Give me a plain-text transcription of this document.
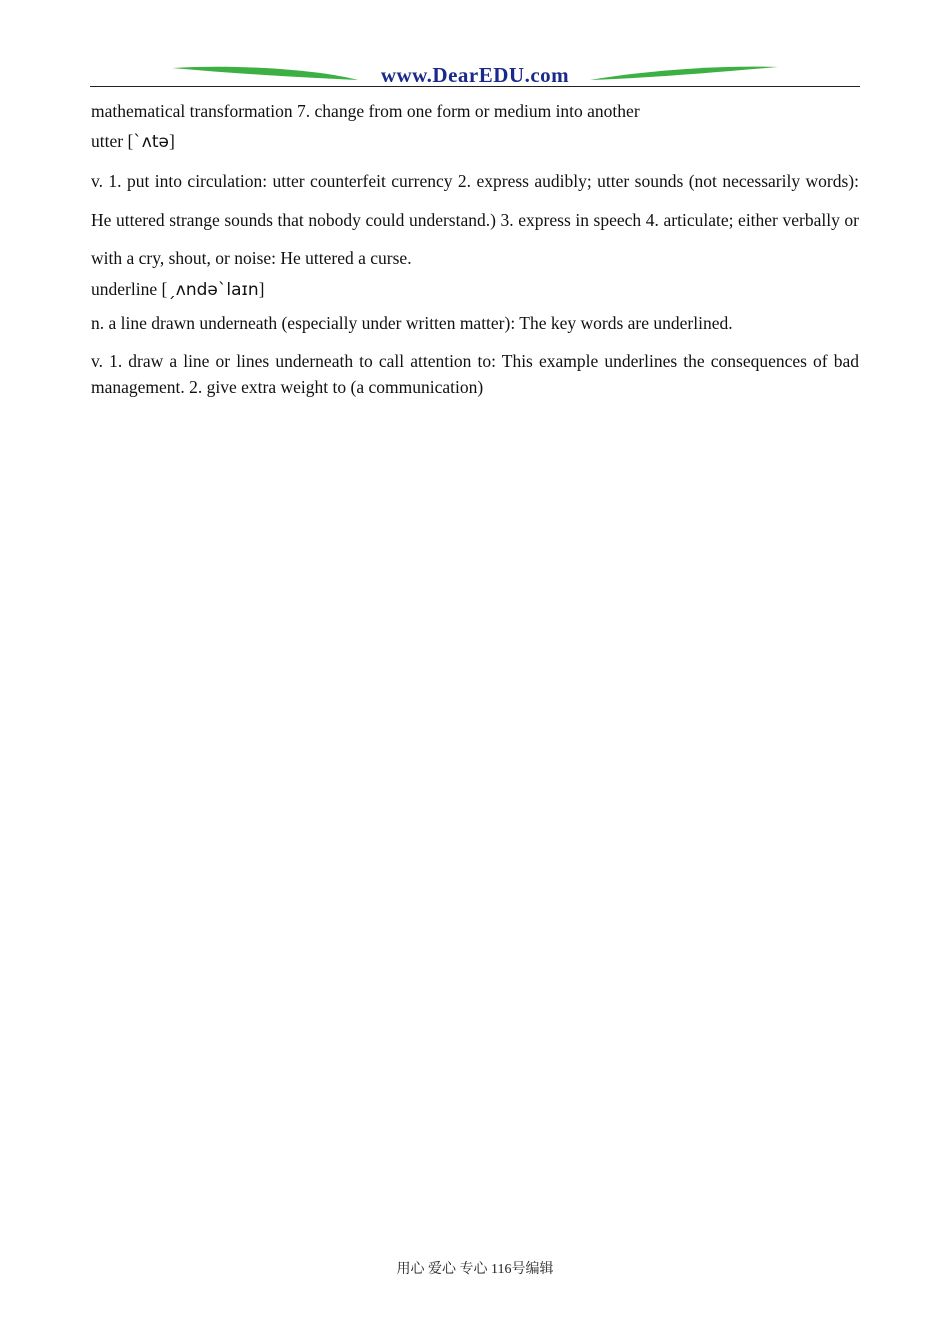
www.DearEDU.com

mathematical transformation 7. change from one form or medium into another

utter [ˋʌtə]

v. 1. put into circulation: utter counterfeit currency 2. express audibly; utter sounds (not necessarily words): He uttered strange sounds that nobody could understand.) 3. express in speech 4. articulate; either verbally or with a cry, shout, or noise: He uttered a curse.

underline [ˏʌndəˋlaɪn]

n. a line drawn underneath (especially under written matter): The key words are underlined.

v. 1. draw a line or lines underneath to call attention to: This example underlines the consequences of bad management. 2. give extra weight to (a communication)

用心 爱心 专心 116号编辑
